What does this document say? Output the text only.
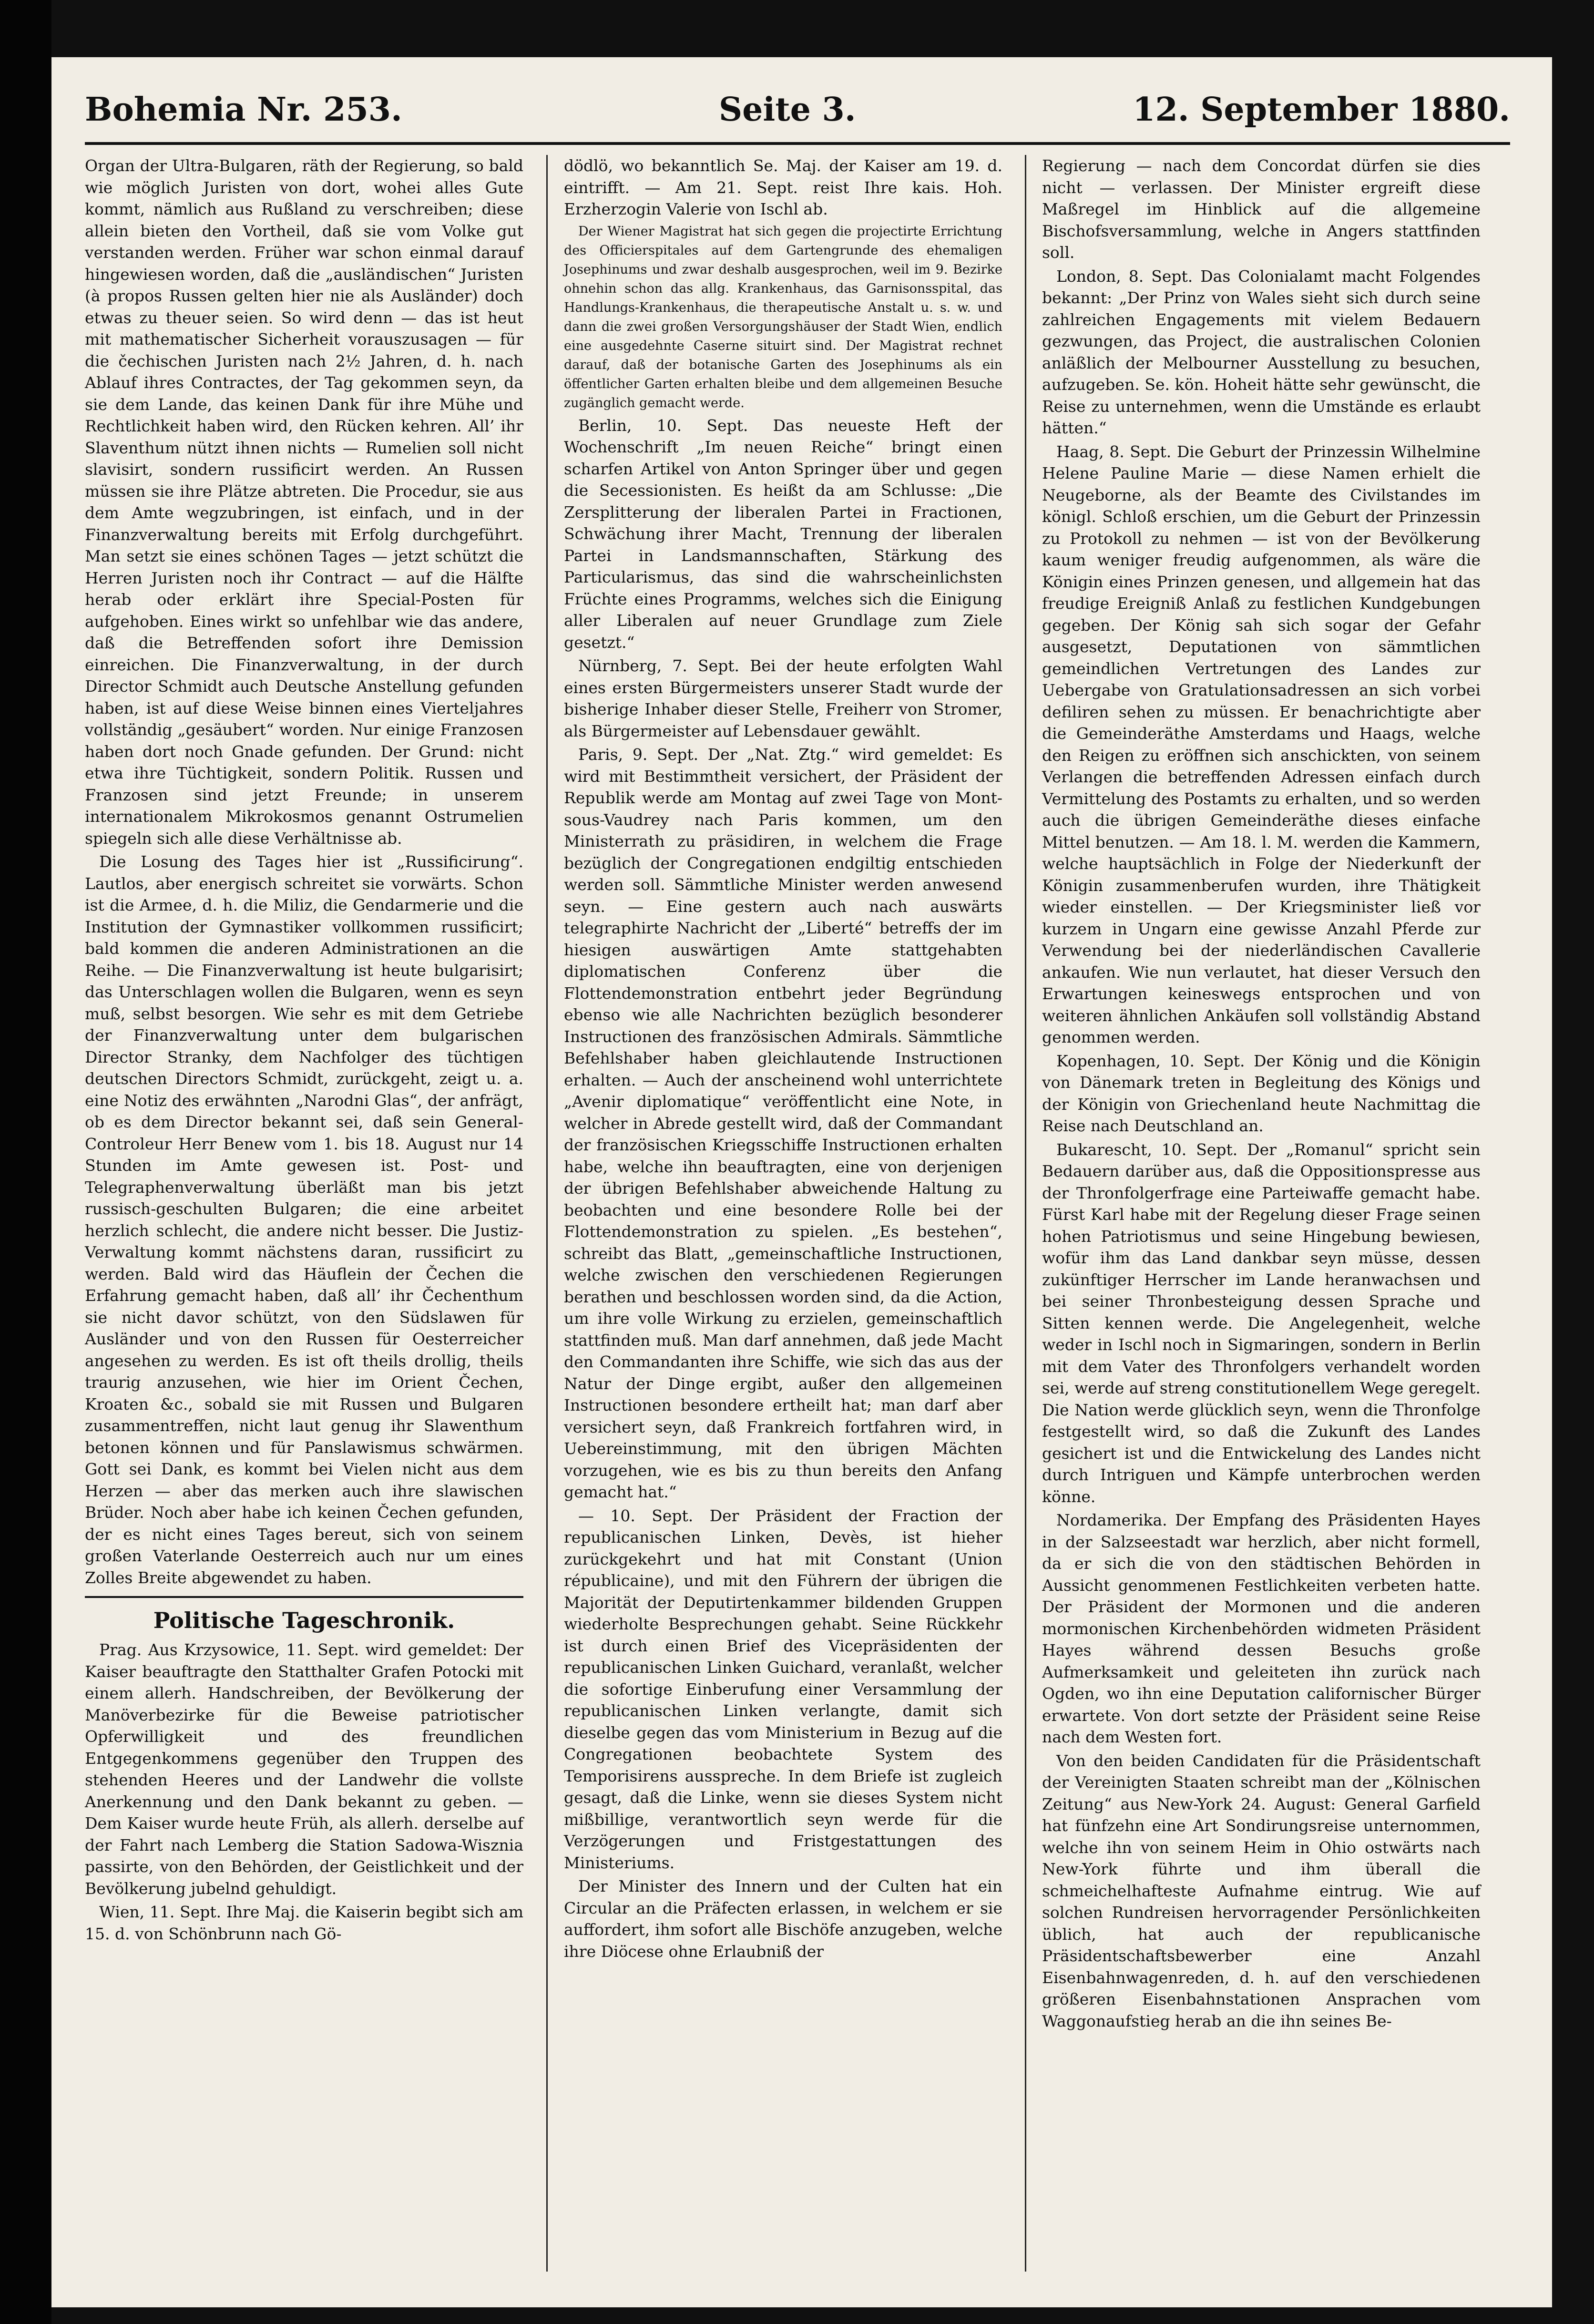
Bohemia Nr. 253.	Seite 3.	12. September 1880.

Organ der Ultra-Bulgaren, räth der Regierung, so bald wie möglich Juristen von dort, wohei alles Gute kommt, nämlich aus Rußland zu verschreiben; diese allein bieten den Vortheil, daß sie vom Volke gut verstanden werden. Früher war schon einmal darauf hingewiesen worden, daß die „ausländischen“ Juristen (à propos Russen gelten hier nie als Ausländer) doch etwas zu theuer seien. So wird denn — das ist heut mit mathematischer Sicherheit vorauszusagen — für die čechischen Juristen nach 2½ Jahren, d. h. nach Ablauf ihres Contractes, der Tag gekommen seyn, da sie dem Lande, das keinen Dank für ihre Mühe und Rechtlichkeit haben wird, den Rücken kehren. All’ ihr Slaventhum nützt ihnen nichts — Rumelien soll nicht slavisirt, sondern russificirt werden. An Russen müssen sie ihre Plätze abtreten. Die Procedur, sie aus dem Amte wegzubringen, ist einfach, und in der Finanzverwaltung bereits mit Erfolg durchgeführt. Man setzt sie eines schönen Tages — jetzt schützt die Herren Juristen noch ihr Contract — auf die Hälfte herab oder erklärt ihre Special-Posten für aufgehoben. Eines wirkt so unfehlbar wie das andere, daß die Betreffenden sofort ihre Demission einreichen. Die Finanzverwaltung, in der durch Director Schmidt auch Deutsche Anstellung gefunden haben, ist auf diese Weise binnen eines Vierteljahres vollständig „gesäubert“ worden. Nur einige Franzosen haben dort noch Gnade gefunden. Der Grund: nicht etwa ihre Tüchtigkeit, sondern Politik. Russen und Franzosen sind jetzt Freunde; in unserem internationalem Mikrokosmos genannt Ostrumelien spiegeln sich alle diese Verhältnisse ab.

Die Losung des Tages hier ist „Russificirung“. Lautlos, aber energisch schreitet sie vorwärts. Schon ist die Armee, d. h. die Miliz, die Gendarmerie und die Institution der Gymnastiker vollkommen russificirt; bald kommen die anderen Administrationen an die Reihe. — Die Finanzverwaltung ist heute bulgarisirt; das Unterschlagen wollen die Bulgaren, wenn es seyn muß, selbst besorgen. Wie sehr es mit dem Getriebe der Finanzverwaltung unter dem bulgarischen Director Stranky, dem Nachfolger des tüchtigen deutschen Directors Schmidt, zurückgeht, zeigt u. a. eine Notiz des erwähnten „Narodni Glas“, der anfrägt, ob es dem Director bekannt sei, daß sein General-Controleur Herr Benew vom 1. bis 18. August nur 14 Stunden im Amte gewesen ist. Post- und Telegraphenverwaltung überläßt man bis jetzt russisch-geschulten Bulgaren; die eine arbeitet herzlich schlecht, die andere nicht besser. Die Justiz-Verwaltung kommt nächstens daran, russificirt zu werden. Bald wird das Häuflein der Čechen die Erfahrung gemacht haben, daß all’ ihr Čechenthum sie nicht davor schützt, von den Südslawen für Ausländer und von den Russen für Oesterreicher angesehen zu werden. Es ist oft theils drollig, theils traurig anzusehen, wie hier im Orient Čechen, Kroaten &c., sobald sie mit Russen und Bulgaren zusammentreffen, nicht laut genug ihr Slawenthum betonen können und für Panslawismus schwärmen. Gott sei Dank, es kommt bei Vielen nicht aus dem Herzen — aber das merken auch ihre slawischen Brüder. Noch aber habe ich keinen Čechen gefunden, der es nicht eines Tages bereut, sich von seinem großen Vaterlande Oesterreich auch nur um eines Zolles Breite abgewendet zu haben.

Politische Tageschronik.

Prag. Aus Krzysowice, 11. Sept. wird gemeldet: Der Kaiser beauftragte den Statthalter Grafen Potocki mit einem allerh. Handschreiben, der Bevölkerung der Manöverbezirke für die Beweise patriotischer Opferwilligkeit und des freundlichen Entgegenkommens gegenüber den Truppen des stehenden Heeres und der Landwehr die vollste Anerkennung und den Dank bekannt zu geben. — Dem Kaiser wurde heute Früh, als allerh. derselbe auf der Fahrt nach Lemberg die Station Sadowa-Wisznia passirte, von den Behörden, der Geistlichkeit und der Bevölkerung jubelnd gehuldigt.

Wien, 11. Sept. Ihre Maj. die Kaiserin begibt sich am 15. d. von Schönbrunn nach Gö-

dödlö, wo bekanntlich Se. Maj. der Kaiser am 19. d. eintrifft. — Am 21. Sept. reist Ihre kais. Hoh. Erzherzogin Valerie von Ischl ab.

Der Wiener Magistrat hat sich gegen die projectirte Errichtung des Officierspitales auf dem Gartengrunde des ehemaligen Josephinums und zwar deshalb ausgesprochen, weil im 9. Bezirke ohnehin schon das allg. Krankenhaus, das Garnisonsspital, das Handlungs-Krankenhaus, die therapeutische Anstalt u. s. w. und dann die zwei großen Versorgungshäuser der Stadt Wien, endlich eine ausgedehnte Caserne situirt sind. Der Magistrat rechnet darauf, daß der botanische Garten des Josephinums als ein öffentlicher Garten erhalten bleibe und dem allgemeinen Besuche zugänglich gemacht werde.

Berlin, 10. Sept. Das neueste Heft der Wochenschrift „Im neuen Reiche“ bringt einen scharfen Artikel von Anton Springer über und gegen die Secessionisten. Es heißt da am Schlusse: „Die Zersplitterung der liberalen Partei in Fractionen, Schwächung ihrer Macht, Trennung der liberalen Partei in Landsmannschaften, Stärkung des Particularismus, das sind die wahrscheinlichsten Früchte eines Programms, welches sich die Einigung aller Liberalen auf neuer Grundlage zum Ziele gesetzt.“

Nürnberg, 7. Sept. Bei der heute erfolgten Wahl eines ersten Bürgermeisters unserer Stadt wurde der bisherige Inhaber dieser Stelle, Freiherr von Stromer, als Bürgermeister auf Lebensdauer gewählt.

Paris, 9. Sept. Der „Nat. Ztg.“ wird gemeldet: Es wird mit Bestimmtheit versichert, der Präsident der Republik werde am Montag auf zwei Tage von Mont-sous-Vaudrey nach Paris kommen, um den Ministerrath zu präsidiren, in welchem die Frage bezüglich der Congregationen endgiltig entschieden werden soll. Sämmtliche Minister werden anwesend seyn. — Eine gestern auch nach auswärts telegraphirte Nachricht der „Liberté“ betreffs der im hiesigen auswärtigen Amte stattgehabten diplomatischen Conferenz über die Flottendemonstration entbehrt jeder Begründung ebenso wie alle Nachrichten bezüglich besonderer Instructionen des französischen Admirals. Sämmtliche Befehlshaber haben gleichlautende Instructionen erhalten. — Auch der anscheinend wohl unterrichtete „Avenir diplomatique“ veröffentlicht eine Note, in welcher in Abrede gestellt wird, daß der Commandant der französischen Kriegsschiffe Instructionen erhalten habe, welche ihn beauftragten, eine von derjenigen der übrigen Befehlshaber abweichende Haltung zu beobachten und eine besondere Rolle bei der Flottendemonstration zu spielen. „Es bestehen“, schreibt das Blatt, „gemeinschaftliche Instructionen, welche zwischen den verschiedenen Regierungen berathen und beschlossen worden sind, da die Action, um ihre volle Wirkung zu erzielen, gemeinschaftlich stattfinden muß. Man darf annehmen, daß jede Macht den Commandanten ihre Schiffe, wie sich das aus der Natur der Dinge ergibt, außer den allgemeinen Instructionen besondere ertheilt hat; man darf aber versichert seyn, daß Frankreich fortfahren wird, in Uebereinstimmung, mit den übrigen Mächten vorzugehen, wie es bis zu thun bereits den Anfang gemacht hat.“

— 10. Sept. Der Präsident der Fraction der republicanischen Linken, Devès, ist hieher zurückgekehrt und hat mit Constant (Union républicaine), und mit den Führern der übrigen die Majorität der Deputirtenkammer bildenden Gruppen wiederholte Besprechungen gehabt. Seine Rückkehr ist durch einen Brief des Vicepräsidenten der republicanischen Linken Guichard, veranlaßt, welcher die sofortige Einberufung einer Versammlung der republicanischen Linken verlangte, damit sich dieselbe gegen das vom Ministerium in Bezug auf die Congregationen beobachtete System des Temporisirens ausspreche. In dem Briefe ist zugleich gesagt, daß die Linke, wenn sie dieses System nicht mißbillige, verantwortlich seyn werde für die Verzögerungen und Fristgestattungen des Ministeriums.

Der Minister des Innern und der Culten hat ein Circular an die Präfecten erlassen, in welchem er sie auffordert, ihm sofort alle Bischöfe anzugeben, welche ihre Diöcese ohne Erlaubniß der

Regierung — nach dem Concordat dürfen sie dies nicht — verlassen. Der Minister ergreift diese Maßregel im Hinblick auf die allgemeine Bischofsversammlung, welche in Angers stattfinden soll.

London, 8. Sept. Das Colonialamt macht Folgendes bekannt: „Der Prinz von Wales sieht sich durch seine zahlreichen Engagements mit vielem Bedauern gezwungen, das Project, die australischen Colonien anläßlich der Melbourner Ausstellung zu besuchen, aufzugeben. Se. kön. Hoheit hätte sehr gewünscht, die Reise zu unternehmen, wenn die Umstände es erlaubt hätten.“

Haag, 8. Sept. Die Geburt der Prinzessin Wilhelmine Helene Pauline Marie — diese Namen erhielt die Neugeborne, als der Beamte des Civilstandes im königl. Schloß erschien, um die Geburt der Prinzessin zu Protokoll zu nehmen — ist von der Bevölkerung kaum weniger freudig aufgenommen, als wäre die Königin eines Prinzen genesen, und allgemein hat das freudige Ereigniß Anlaß zu festlichen Kundgebungen gegeben. Der König sah sich sogar der Gefahr ausgesetzt, Deputationen von sämmtlichen gemeindlichen Vertretungen des Landes zur Uebergabe von Gratulationsadressen an sich vorbei defiliren sehen zu müssen. Er benachrichtigte aber die Gemeinderäthe Amsterdams und Haags, welche den Reigen zu eröffnen sich anschickten, von seinem Verlangen die betreffenden Adressen einfach durch Vermittelung des Postamts zu erhalten, und so werden auch die übrigen Gemeinderäthe dieses einfache Mittel benutzen. — Am 18. l. M. werden die Kammern, welche hauptsächlich in Folge der Niederkunft der Königin zusammenberufen wurden, ihre Thätigkeit wieder einstellen. — Der Kriegsminister ließ vor kurzem in Ungarn eine gewisse Anzahl Pferde zur Verwendung bei der niederländischen Cavallerie ankaufen. Wie nun verlautet, hat dieser Versuch den Erwartungen keineswegs entsprochen und von weiteren ähnlichen Ankäufen soll vollständig Abstand genommen werden.

Kopenhagen, 10. Sept. Der König und die Königin von Dänemark treten in Begleitung des Königs und der Königin von Griechenland heute Nachmittag die Reise nach Deutschland an.

Bukarescht, 10. Sept. Der „Romanul“ spricht sein Bedauern darüber aus, daß die Oppositionspresse aus der Thronfolgerfrage eine Parteiwaffe gemacht habe. Fürst Karl habe mit der Regelung dieser Frage seinen hohen Patriotismus und seine Hingebung bewiesen, wofür ihm das Land dankbar seyn müsse, dessen zukünftiger Herrscher im Lande heranwachsen und bei seiner Thronbesteigung dessen Sprache und Sitten kennen werde. Die Angelegenheit, welche weder in Ischl noch in Sigmaringen, sondern in Berlin mit dem Vater des Thronfolgers verhandelt worden sei, werde auf streng constitutionellem Wege geregelt. Die Nation werde glücklich seyn, wenn die Thronfolge festgestellt wird, so daß die Zukunft des Landes gesichert ist und die Entwickelung des Landes nicht durch Intriguen und Kämpfe unterbrochen werden könne.

Nordamerika. Der Empfang des Präsidenten Hayes in der Salzseestadt war herzlich, aber nicht formell, da er sich die von den städtischen Behörden in Aussicht genommenen Festlichkeiten verbeten hatte. Der Präsident der Mormonen und die anderen mormonischen Kirchenbehörden widmeten Präsident Hayes während dessen Besuchs große Aufmerksamkeit und geleiteten ihn zurück nach Ogden, wo ihn eine Deputation californischer Bürger erwartete. Von dort setzte der Präsident seine Reise nach dem Westen fort.

Von den beiden Candidaten für die Präsidentschaft der Vereinigten Staaten schreibt man der „Kölnischen Zeitung“ aus New-York 24. August: General Garfield hat fünfzehn eine Art Sondirungsreise unternommen, welche ihn von seinem Heim in Ohio ostwärts nach New-York führte und ihm überall die schmeichelhafteste Aufnahme eintrug. Wie auf solchen Rundreisen hervorragender Persönlichkeiten üblich, hat auch der republicanische Präsidentschaftsbewerber eine Anzahl Eisenbahnwagenreden, d. h. auf den verschiedenen größeren Eisenbahnstationen Ansprachen vom Waggonaufstieg herab an die ihn seines Be-
